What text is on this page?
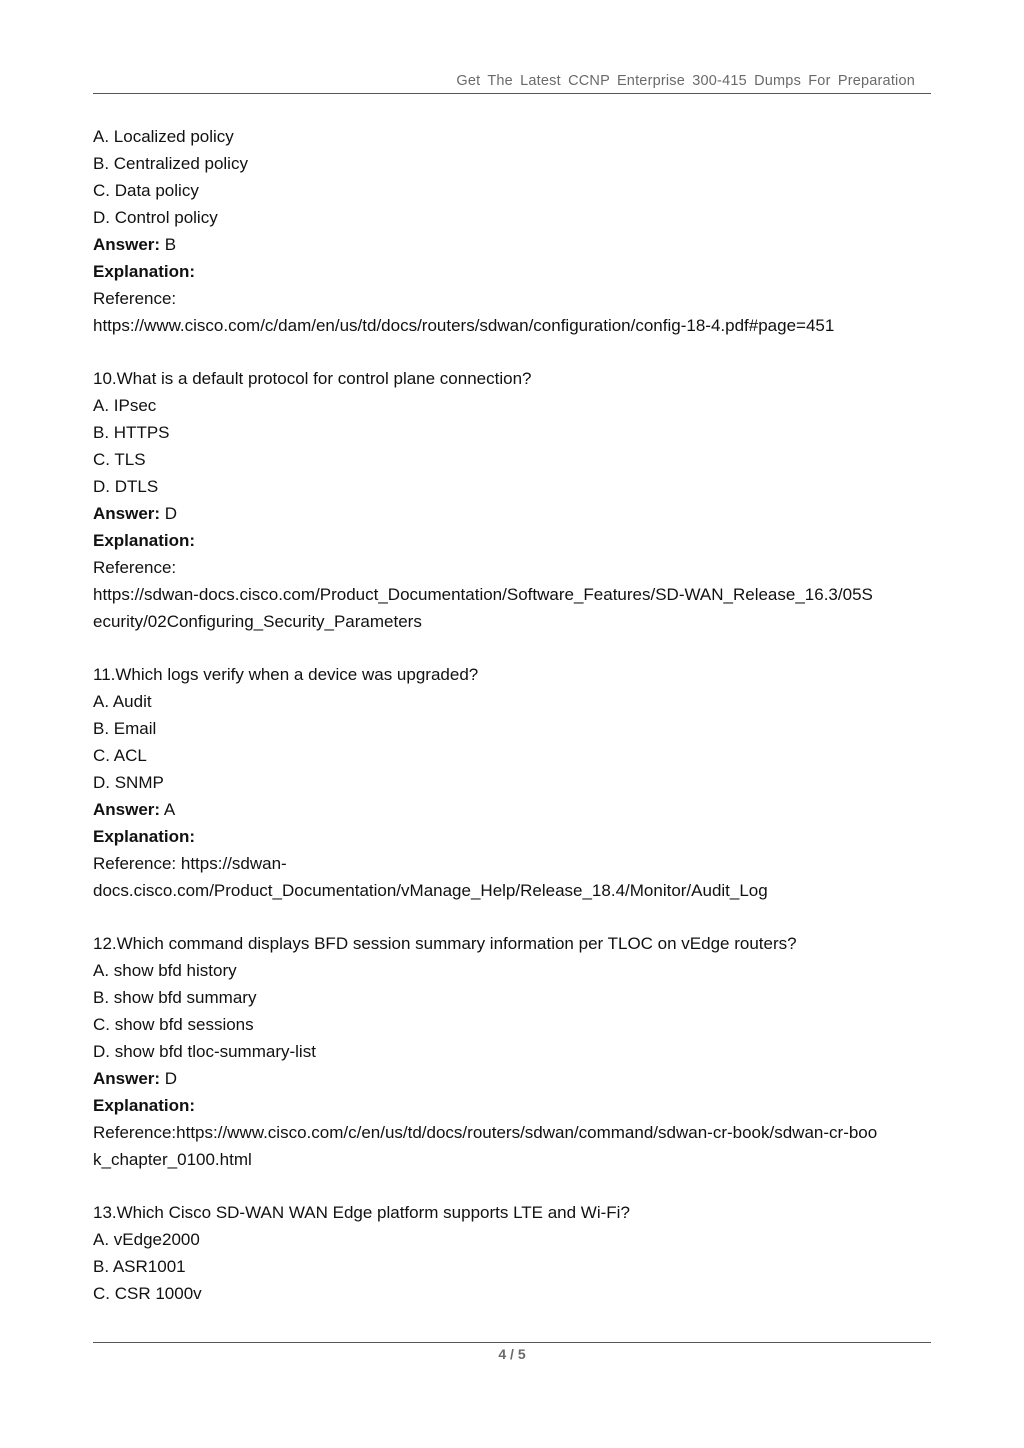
Get The Latest CCNP Enterprise 300-415 Dumps For Preparation
A. Localized policy
B. Centralized policy
C. Data policy
D. Control policy
Answer: B
Explanation:
Reference:
https://www.cisco.com/c/dam/en/us/td/docs/routers/sdwan/configuration/config-18-4.pdf#page=451
10.What is a default protocol for control plane connection?
A. IPsec
B. HTTPS
C. TLS
D. DTLS
Answer: D
Explanation:
Reference:
https://sdwan-docs.cisco.com/Product_Documentation/Software_Features/SD-WAN_Release_16.3/05S
ecurity/02Configuring_Security_Parameters
11.Which logs verify when a device was upgraded?
A. Audit
B. Email
C. ACL
D. SNMP
Answer: A
Explanation:
Reference: https://sdwan-
docs.cisco.com/Product_Documentation/vManage_Help/Release_18.4/Monitor/Audit_Log
12.Which command displays BFD session summary information per TLOC on vEdge routers?
A. show bfd history
B. show bfd summary
C. show bfd sessions
D. show bfd tloc-summary-list
Answer: D
Explanation:
Reference:https://www.cisco.com/c/en/us/td/docs/routers/sdwan/command/sdwan-cr-book/sdwan-cr-boo
k_chapter_0100.html
13.Which Cisco SD-WAN WAN Edge platform supports LTE and Wi-Fi?
A. vEdge2000
B. ASR1001
C. CSR 1000v
4 / 5
